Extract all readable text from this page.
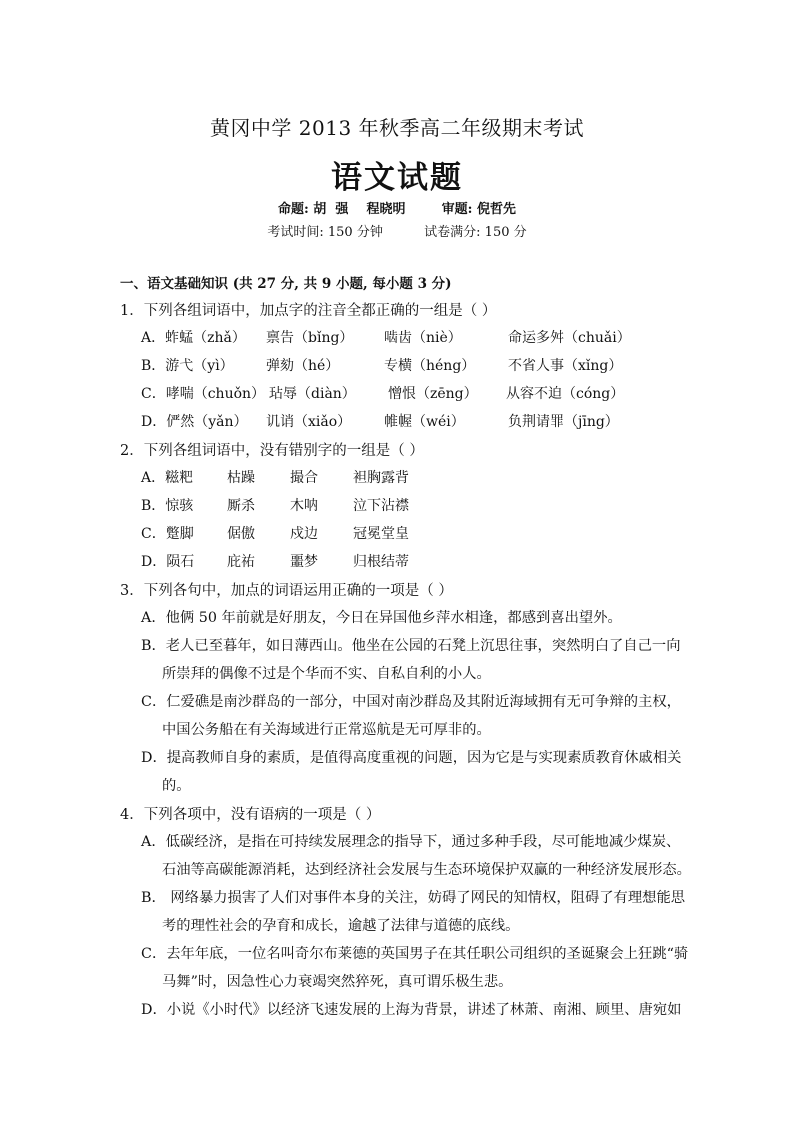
黄冈中学 2013 年秋季高二年级期末考试
语文试题
命题: 胡  强    程晓明        审题: 倪哲先
考试时间: 150 分钟          试卷满分: 150 分
一、语文基础知识 (共 27 分, 共 9 小题, 每小题 3 分)
1．下列各组词语中，加点字的注音全都正确的一组是（ ）
A．蚱蜢（zhǎ） 禀告（bǐng） 啮齿（niè）	命运多舛（chuǎi）
B．游弋（yì） 弹劾（hé）	专横（héng） 不省人事（xǐng）
C．哮喘（chuǒn） 玷辱（diàn） 憎恨（zēng） 从容不迫（cóng）
D．俨然（yǎn） 讥诮（xiǎo） 帷幄（wéi）	负荆请罪（jīng）
2．下列各组词语中，没有错别字的一组是（ ）
A．糍粑 枯躁	撮合	袒胸露背
B．惊骇 厮杀	木呐	泣下沾襟
C．蹩脚 倨傲	戍边	冠冕堂皇
D．陨石 庇祐	噩梦	归根结蒂
3．下列各句中，加点的词语运用正确的一项是（ ）
A．他俩 50 年前就是好朋友，今日在异国他乡萍水相逢，都感到喜出望外。
B．老人已至暮年，如日薄西山。他坐在公园的石凳上沉思往事，突然明白了自己一向
所崇拜的偶像不过是个华而不实、自私自利的小人。
C．仁爱礁是南沙群岛的一部分，中国对南沙群岛及其附近海域拥有无可争辩的主权，
中国公务船在有关海域进行正常巡航是无可厚非的。
D．提高教师自身的素质，是值得高度重视的问题，因为它是与实现素质教育休戚相关
的。
4．下列各项中，没有语病的一项是（ ）
A．低碳经济，是指在可持续发展理念的指导下，通过多种手段，尽可能地减少煤炭、
石油等高碳能源消耗，达到经济社会发展与生态环境保护双赢的一种经济发展形态。
B． 网络暴力损害了人们对事件本身的关注，妨碍了网民的知情权，阻碍了有理想能思
考的理性社会的孕育和成长，逾越了法律与道德的底线。
C．去年年底，一位名叫奇尔布莱德的英国男子在其任职公司组织的圣诞聚会上狂跳“骑
马舞”时，因急性心力衰竭突然猝死，真可谓乐极生悲。
D．小说《小时代》以经济飞速发展的上海为背景，讲述了林萧、南湘、顾里、唐宛如
